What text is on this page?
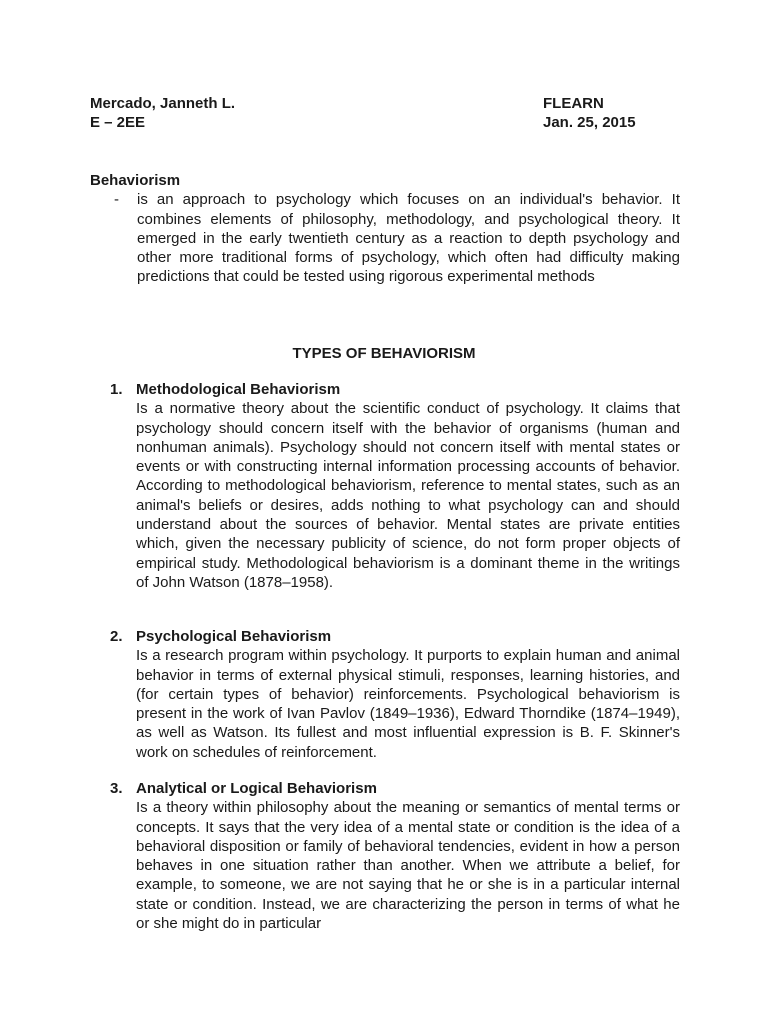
Mercado, Janneth L.	FLEARN
E – 2EE	Jan. 25, 2015
Behaviorism
-	is an approach to psychology which focuses on an individual's behavior. It combines elements of philosophy, methodology, and psychological theory. It emerged in the early twentieth century as a reaction to depth psychology and other more traditional forms of psychology, which often had difficulty making predictions that could be tested using rigorous experimental methods
TYPES OF BEHAVIORISM
1. Methodological Behaviorism
Is a normative theory about the scientific conduct of psychology. It claims that psychology should concern itself with the behavior of organisms (human and nonhuman animals). Psychology should not concern itself with mental states or events or with constructing internal information processing accounts of behavior. According to methodological behaviorism, reference to mental states, such as an animal's beliefs or desires, adds nothing to what psychology can and should understand about the sources of behavior. Mental states are private entities which, given the necessary publicity of science, do not form proper objects of empirical study. Methodological behaviorism is a dominant theme in the writings of John Watson (1878–1958).
2. Psychological Behaviorism
Is a research program within psychology. It purports to explain human and animal behavior in terms of external physical stimuli, responses, learning histories, and (for certain types of behavior) reinforcements. Psychological behaviorism is present in the work of Ivan Pavlov (1849–1936), Edward Thorndike (1874–1949), as well as Watson. Its fullest and most influential expression is B. F. Skinner's work on schedules of reinforcement.
3. Analytical or Logical Behaviorism
Is a theory within philosophy about the meaning or semantics of mental terms or concepts. It says that the very idea of a mental state or condition is the idea of a behavioral disposition or family of behavioral tendencies, evident in how a person behaves in one situation rather than another. When we attribute a belief, for example, to someone, we are not saying that he or she is in a particular internal state or condition. Instead, we are characterizing the person in terms of what he or she might do in particular
